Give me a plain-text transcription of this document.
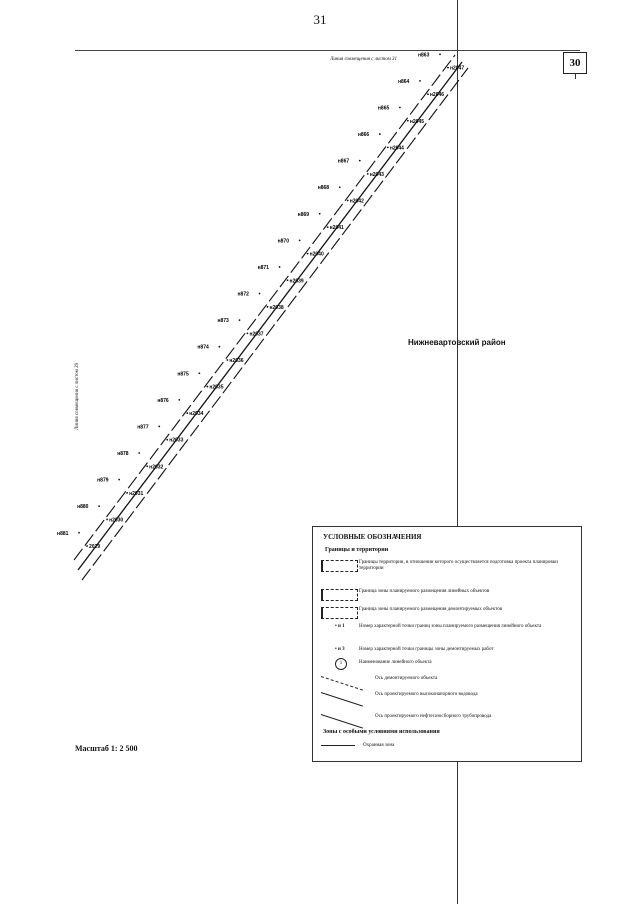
31
30
Линия совмещения с листом 31
Линия совмещения с листом 29
н863
н864
н865
н866
н867
н868
н869
н870
н871
н872
н873
н874
н875
н876
н877
н878
н879
н880
н881
н2047
н2046
н2045
н2044
н2043
н2042
н2041
н2040
н2039
н2038
н2037
н2036
н2035
н2034
н2033
н2032
н2031
н2030
2029
Нижневартовский район
Масштаб 1: 2 500
УСЛОВНЫЕ ОБОЗНАЧЕНИЯ
Границы и территории
Границы территории, в отношении которого осуществляется подготовка проекта планировки территории
Граница зоны планируемого размещения линейных объектов
Граница зоны планируемого размещения демонтируемых объектов
• н 1	Номер характерной точки границ зоны планируемого размещения линейного объекта
• н 3	Номер характерной точки границы зоны демонтируемых работ
1	Наименование линейного объекта
Ось демонтируемого объекта
Ось проектируемого высоконапорного водовода
Ось проектируемого нефтегазосборного трубопровода
Зоны с особыми условиями использования
Охранная зона
